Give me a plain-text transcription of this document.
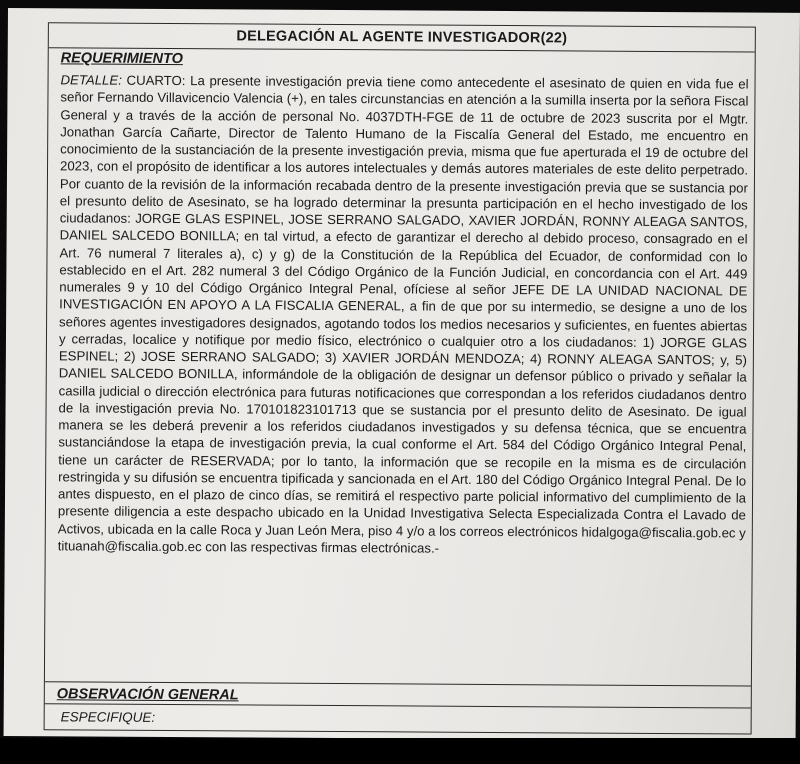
DELEGACIÓN AL AGENTE INVESTIGADOR(22)
REQUERIMIENTO
DETALLE: CUARTO: La presente investigación previa tiene como antecedente el asesinato de quien en vida fue el señor Fernando Villavicencio Valencia (+), en tales circunstancias en atención a la sumilla inserta por la señora Fiscal General y a través de la acción de personal No. 4037DTH-FGE de 11 de octubre de 2023 suscrita por el Mgtr. Jonathan García Cañarte, Director de Talento Humano de la Fiscalía General del Estado, me encuentro en conocimiento de la sustanciación de la presente investigación previa, misma que fue aperturada el 19 de octubre del 2023, con el propósito de identificar a los autores intelectuales y demás autores materiales de este delito perpetrado. Por cuanto de la revisión de la información recabada dentro de la presente investigación previa que se sustancia por el presunto delito de Asesinato, se ha logrado determinar la presunta participación en el hecho investigado de los ciudadanos: JORGE GLAS ESPINEL, JOSE SERRANO SALGADO, XAVIER JORDÁN, RONNY ALEAGA SANTOS, DANIEL SALCEDO BONILLA; en tal virtud, a efecto de garantizar el derecho al debido proceso, consagrado en el Art. 76 numeral 7 literales a), c) y g) de la Constitución de la República del Ecuador, de conformidad con lo establecido en el Art. 282 numeral 3 del Código Orgánico de la Función Judicial, en concordancia con el Art. 449 numerales 9 y 10 del Código Orgánico Integral Penal, ofíciese al señor JEFE DE LA UNIDAD NACIONAL DE INVESTIGACIÓN EN APOYO A LA FISCALIA GENERAL, a fin de que por su intermedio, se designe a uno de los señores agentes investigadores designados, agotando todos los medios necesarios y suficientes, en fuentes abiertas y cerradas, localice y notifique por medio físico, electrónico o cualquier otro a los ciudadanos: 1) JORGE GLAS ESPINEL; 2) JOSE SERRANO SALGADO; 3) XAVIER JORDÁN MENDOZA; 4) RONNY ALEAGA SANTOS; y, 5) DANIEL SALCEDO BONILLA, informándole de la obligación de designar un defensor público o privado y señalar la casilla judicial o dirección electrónica para futuras notificaciones que correspondan a los referidos ciudadanos dentro de la investigación previa No. 170101823101713 que se sustancia por el presunto delito de Asesinato. De igual manera se les deberá prevenir a los referidos ciudadanos investigados y su defensa técnica, que se encuentra sustanciándose la etapa de investigación previa, la cual conforme el Art. 584 del Código Orgánico Integral Penal, tiene un carácter de RESERVADA; por lo tanto, la información que se recopile en la misma es de circulación restringida y su difusión se encuentra tipificada y sancionada en el Art. 180 del Código Orgánico Integral Penal. De lo antes dispuesto, en el plazo de cinco días, se remitirá el respectivo parte policial informativo del cumplimiento de la presente diligencia a este despacho ubicado en la Unidad Investigativa Selecta Especializada Contra el Lavado de Activos, ubicada en la calle Roca y Juan León Mera, piso 4 y/o a los correos electrónicos hidalgoga@fiscalia.gob.ec y tituanah@fiscalia.gob.ec con las respectivas firmas electrónicas.-
OBSERVACIÓN GENERAL
ESPECIFIQUE:
